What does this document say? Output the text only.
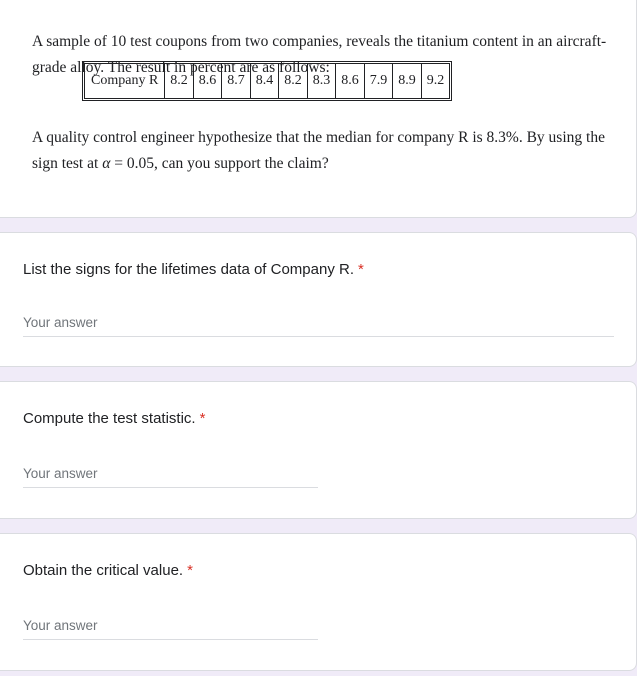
A sample of 10 test coupons from two companies, reveals the titanium content in an aircraft-grade alloy. The result in percent are as follows:

A quality control engineer hypothesize that the median for company R is 8.3%. By using the sign test at α = 0.05, can you support the claim?

Company R	8.2	8.6	8.7	8.4	8.2	8.3	8.6	7.9	8.9	9.2
List the signs for the lifetimes data of Company R. *
Your answer
Compute the test statistic. *
Your answer
Obtain the critical value. *
Your answer
